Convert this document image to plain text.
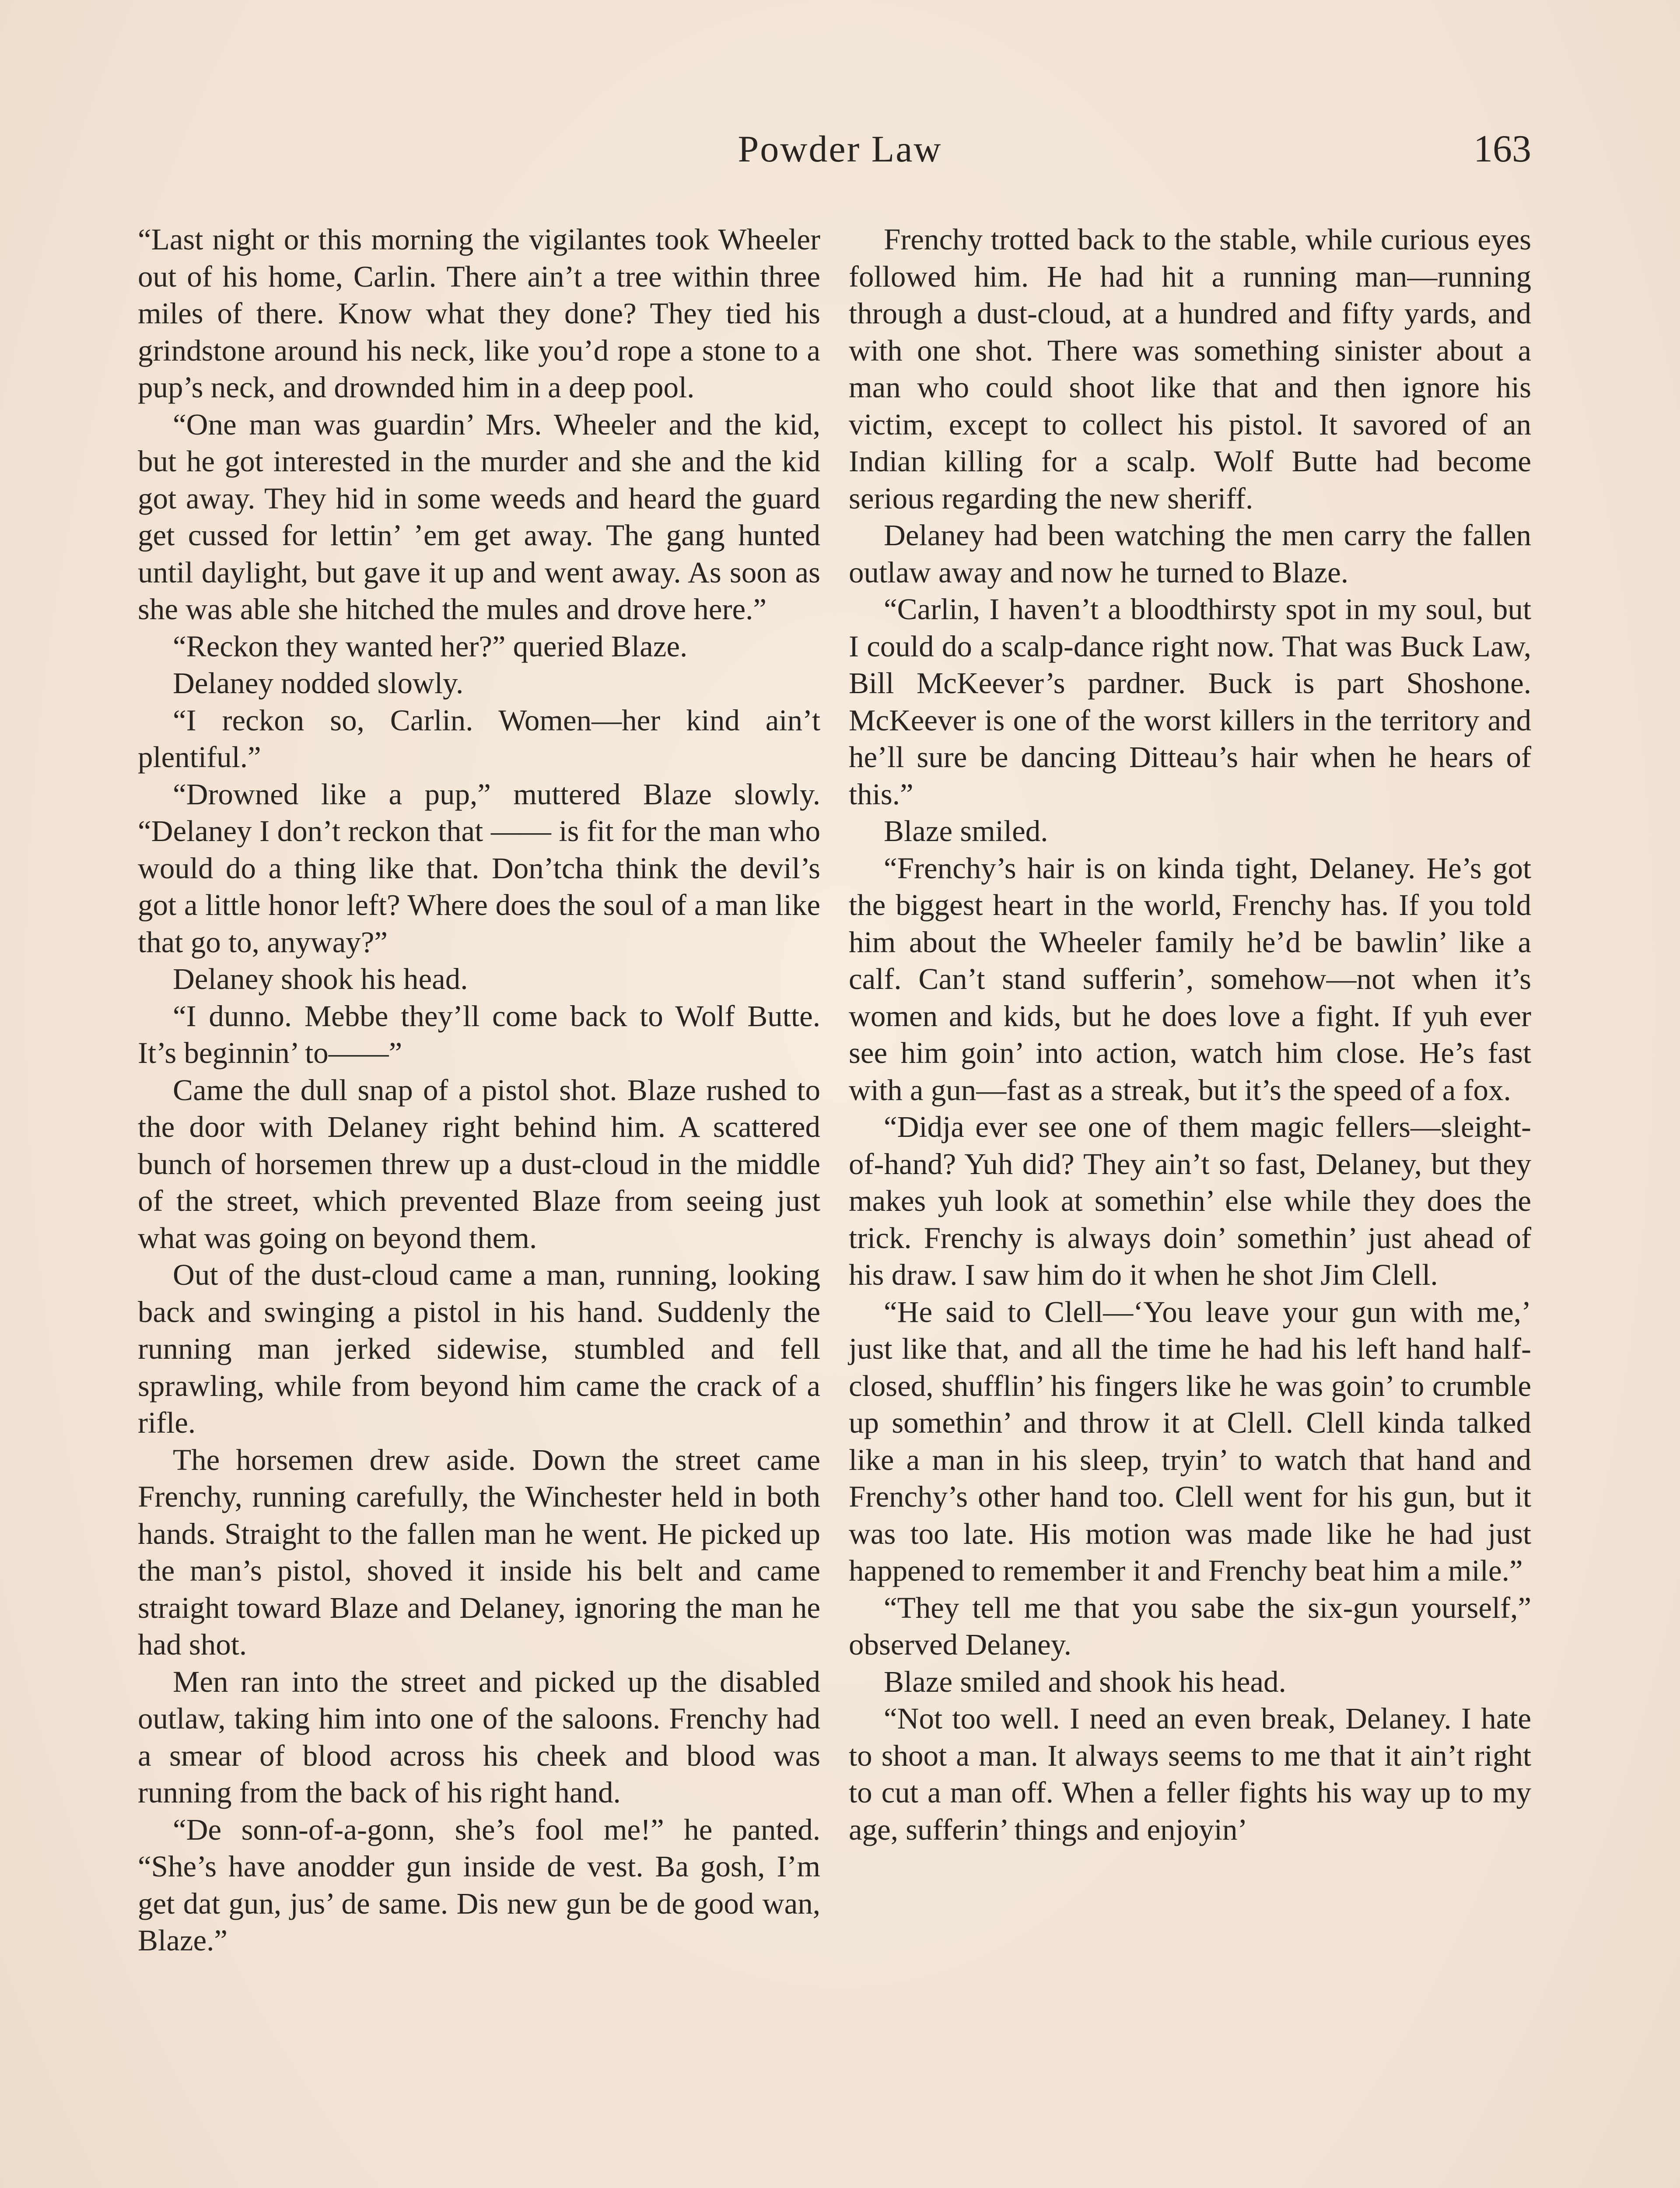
Powder Law	163

“Last night or this morning the vigilantes took Wheeler out of his home, Carlin. There ain’t a tree within three miles of there. Know what they done? They tied his grindstone around his neck, like you’d rope a stone to a pup’s neck, and drownded him in a deep pool.

“One man was guardin’ Mrs. Wheeler and the kid, but he got interested in the murder and she and the kid got away. They hid in some weeds and heard the guard get cussed for lettin’ ’em get away. The gang hunted until daylight, but gave it up and went away. As soon as she was able she hitched the mules and drove here.”

“Reckon they wanted her?” queried Blaze.

Delaney nodded slowly.

“I reckon so, Carlin. Women—her kind ain’t plentiful.”

“Drowned like a pup,” muttered Blaze slowly. “Delaney I don’t reckon that —— is fit for the man who would do a thing like that. Don’tcha think the devil’s got a little honor left? Where does the soul of a man like that go to, anyway?”

Delaney shook his head.

“I dunno. Mebbe they’ll come back to Wolf Butte. It’s beginnin’ to——”

Came the dull snap of a pistol shot. Blaze rushed to the door with Delaney right behind him. A scattered bunch of horsemen threw up a dust-cloud in the middle of the street, which prevented Blaze from seeing just what was going on beyond them.

Out of the dust-cloud came a man, running, looking back and swinging a pistol in his hand. Suddenly the running man jerked sidewise, stumbled and fell sprawling, while from beyond him came the crack of a rifle.

The horsemen drew aside. Down the street came Frenchy, running carefully, the Winchester held in both hands. Straight to the fallen man he went. He picked up the man’s pistol, shoved it inside his belt and came straight toward Blaze and Delaney, ignoring the man he had shot.

Men ran into the street and picked up the disabled outlaw, taking him into one of the saloons. Frenchy had a smear of blood across his cheek and blood was running from the back of his right hand.

“De sonn-of-a-gonn, she’s fool me!” he panted. “She’s have anodder gun inside de vest. Ba gosh, I’m get dat gun, jus’ de same. Dis new gun be de good wan, Blaze.”

Frenchy trotted back to the stable, while curious eyes followed him. He had hit a running man—running through a dust-cloud, at a hundred and fifty yards, and with one shot. There was something sinister about a man who could shoot like that and then ignore his victim, except to collect his pistol. It savored of an Indian killing for a scalp. Wolf Butte had become serious regarding the new sheriff.

Delaney had been watching the men carry the fallen outlaw away and now he turned to Blaze.

“Carlin, I haven’t a bloodthirsty spot in my soul, but I could do a scalp-dance right now. That was Buck Law, Bill McKeever’s pardner. Buck is part Shoshone. McKeever is one of the worst killers in the territory and he’ll sure be dancing Ditteau’s hair when he hears of this.”

Blaze smiled.

“Frenchy’s hair is on kinda tight, Delaney. He’s got the biggest heart in the world, Frenchy has. If you told him about the Wheeler family he’d be bawlin’ like a calf. Can’t stand sufferin’, somehow—not when it’s women and kids, but he does love a fight. If yuh ever see him goin’ into action, watch him close. He’s fast with a gun—fast as a streak, but it’s the speed of a fox.

“Didja ever see one of them magic fellers—sleight-of-hand? Yuh did? They ain’t so fast, Delaney, but they makes yuh look at somethin’ else while they does the trick. Frenchy is always doin’ somethin’ just ahead of his draw. I saw him do it when he shot Jim Clell.

“He said to Clell—‘You leave your gun with me,’ just like that, and all the time he had his left hand half-closed, shufflin’ his fingers like he was goin’ to crumble up somethin’ and throw it at Clell. Clell kinda talked like a man in his sleep, tryin’ to watch that hand and Frenchy’s other hand too. Clell went for his gun, but it was too late. His motion was made like he had just happened to remember it and Frenchy beat him a mile.”

“They tell me that you sabe the six-gun yourself,” observed Delaney.

Blaze smiled and shook his head.

“Not too well. I need an even break, Delaney. I hate to shoot a man. It always seems to me that it ain’t right to cut a man off. When a feller fights his way up to my age, sufferin’ things and enjoyin’
